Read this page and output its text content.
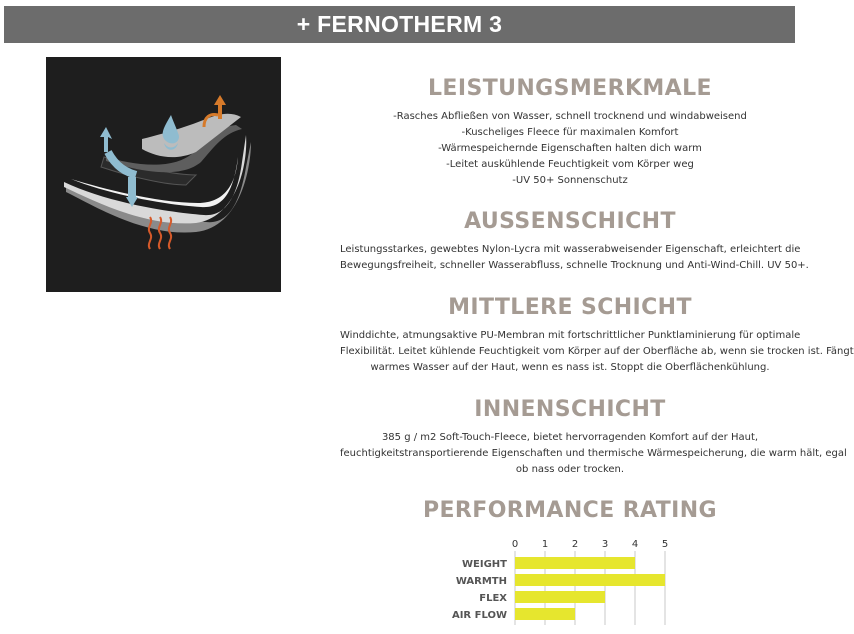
+ FERNOTHERM 3
LEISTUNGSMERKMALE
-Rasches Abfließen von Wasser, schnell trocknend und windabweisend
-Kuscheliges Fleece für maximalen Komfort
-Wärmespeichernde Eigenschaften halten dich warm
-Leitet auskühlende Feuchtigkeit vom Körper weg
-UV 50+ Sonnenschutz
AUSSENSCHICHT
Leistungsstarkes, gewebtes Nylon-Lycra mit wasserabweisender Eigenschaft, erleichtert die
Bewegungsfreiheit, schneller Wasserabfluss, schnelle Trocknung und Anti-Wind-Chill. UV 50+.
MITTLERE SCHICHT
Winddichte, atmungsaktive PU-Membran mit fortschrittlicher Punktlaminierung für optimale
Flexibilität. Leitet kühlende Feuchtigkeit vom Körper auf der Oberfläche ab, wenn sie trocken ist. Fängt
warmes Wasser auf der Haut, wenn es nass ist. Stoppt die Oberflächenkühlung.
INNENSCHICHT
385 g / m2 Soft-Touch-Fleece, bietet hervorragenden Komfort auf der Haut,
feuchtigkeitstransportierende Eigenschaften und thermische Wärmespeicherung, die warm hält, egal
ob nass oder trocken.
PERFORMANCE RATING
0 1 2 3 4 5
WEIGHT
WARMTH
FLEX
AIR FLOW
